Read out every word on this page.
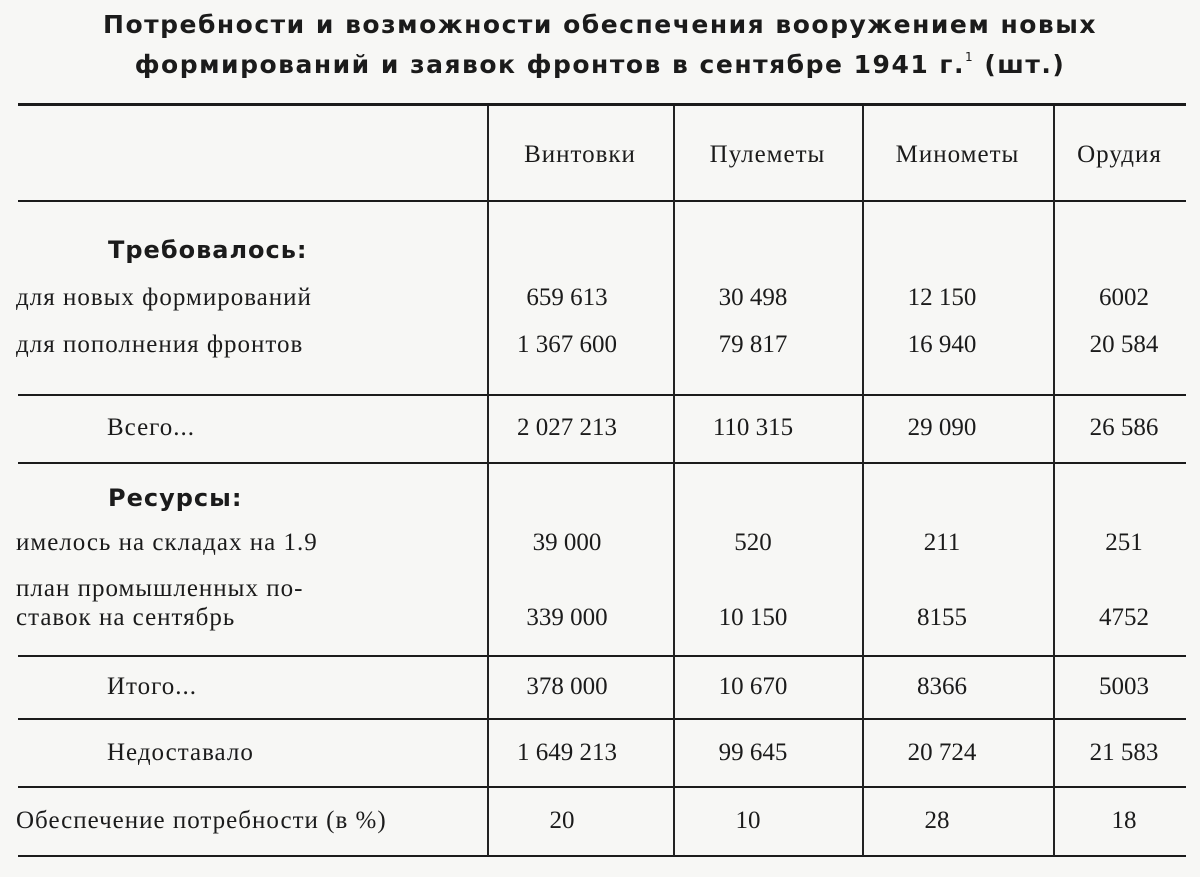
Потребности и возможности обеспечения вооружением новых
формирований и заявок фронтов в сентябре 1941 г.$^1$ (шт.)
Винтовки	Пулеметы	Минометы	Орудия
Требовалось:
для новых формирований	659 613	30 498	12 150	6002
для пополнения фронтов	1 367 600	79 817	16 940	20 584
Всего...	2 027 213	110 315	29 090	26 586
Ресурсы:
имелось на складах на 1.9	39 000	520	211	251
план промышленных по-
ставок на сентябрь	339 000	10 150	8155	4752
Итого...	378 000	10 670	8366	5003
Недоставало	1 649 213	99 645	20 724	21 583
Обеспечение потребности (в %)	20	10	28	18
